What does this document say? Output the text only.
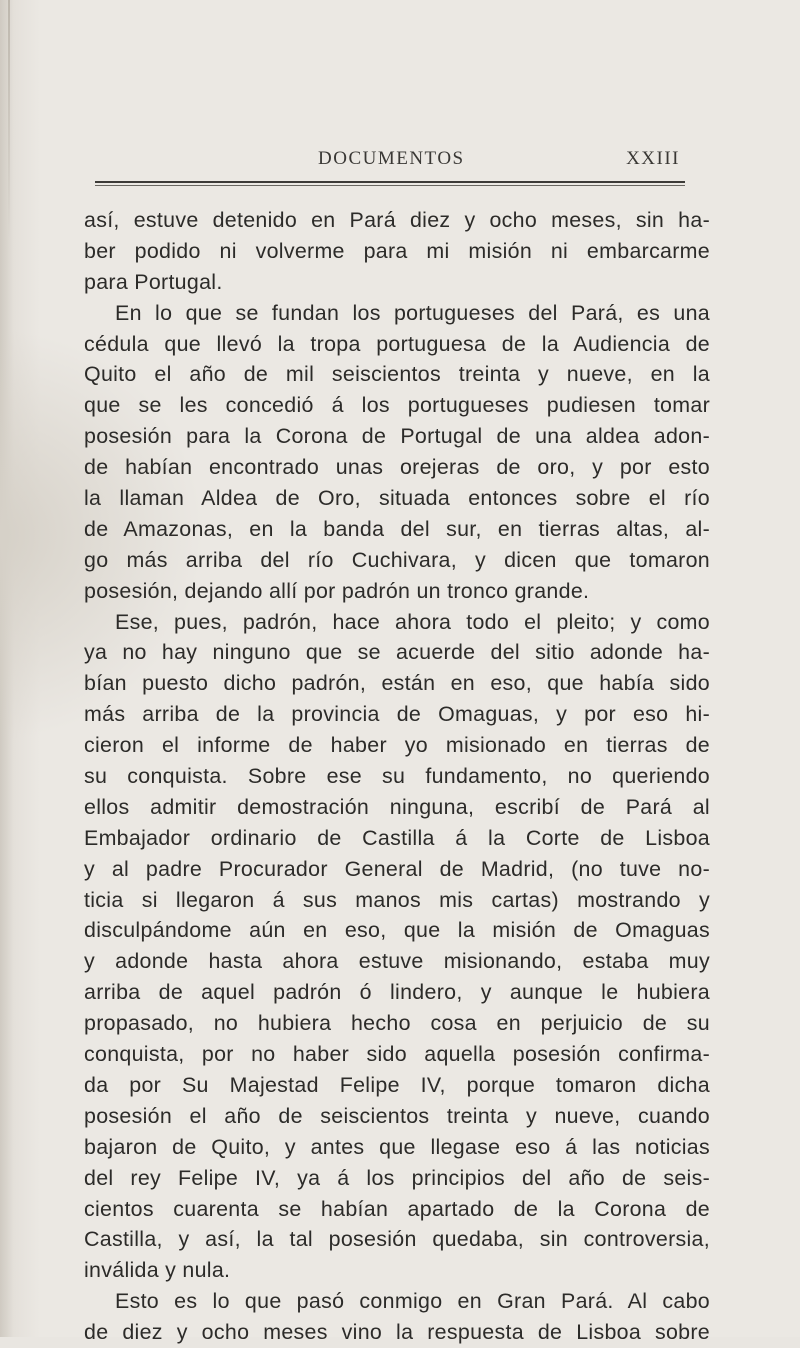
DOCUMENTOS	XXIII
así, estuve detenido en Pará diez y ocho meses, sin ha-
ber podido ni volverme para mi misión ni embarcarme
para Portugal.
En lo que se fundan los portugueses del Pará, es una
cédula que llevó la tropa portuguesa de la Audiencia de
Quito el año de mil seiscientos treinta y nueve, en la
que se les concedió á los portugueses pudiesen tomar
posesión para la Corona de Portugal de una aldea adon-
de habían encontrado unas orejeras de oro, y por esto
la llaman Aldea de Oro, situada entonces sobre el río
de Amazonas, en la banda del sur, en tierras altas, al-
go más arriba del río Cuchivara, y dicen que tomaron
posesión, dejando allí por padrón un tronco grande.
Ese, pues, padrón, hace ahora todo el pleito; y como
ya no hay ninguno que se acuerde del sitio adonde ha-
bían puesto dicho padrón, están en eso, que había sido
más arriba de la provincia de Omaguas, y por eso hi-
cieron el informe de haber yo misionado en tierras de
su conquista. Sobre ese su fundamento, no queriendo
ellos admitir demostración ninguna, escribí de Pará al
Embajador ordinario de Castilla á la Corte de Lisboa
y al padre Procurador General de Madrid, (no tuve no-
ticia si llegaron á sus manos mis cartas) mostrando y
disculpándome aún en eso, que la misión de Omaguas
y adonde hasta ahora estuve misionando, estaba muy
arriba de aquel padrón ó lindero, y aunque le hubiera
propasado, no hubiera hecho cosa en perjuicio de su
conquista, por no haber sido aquella posesión confirma-
da por Su Majestad Felipe IV, porque tomaron dicha
posesión el año de seiscientos treinta y nueve, cuando
bajaron de Quito, y antes que llegase eso á las noticias
del rey Felipe IV, ya á los principios del año de seis-
cientos cuarenta se habían apartado de la Corona de
Castilla, y así, la tal posesión quedaba, sin controversia,
inválida y nula.
Esto es lo que pasó conmigo en Gran Pará. Al cabo
de diez y ocho meses vino la respuesta de Lisboa sobre
